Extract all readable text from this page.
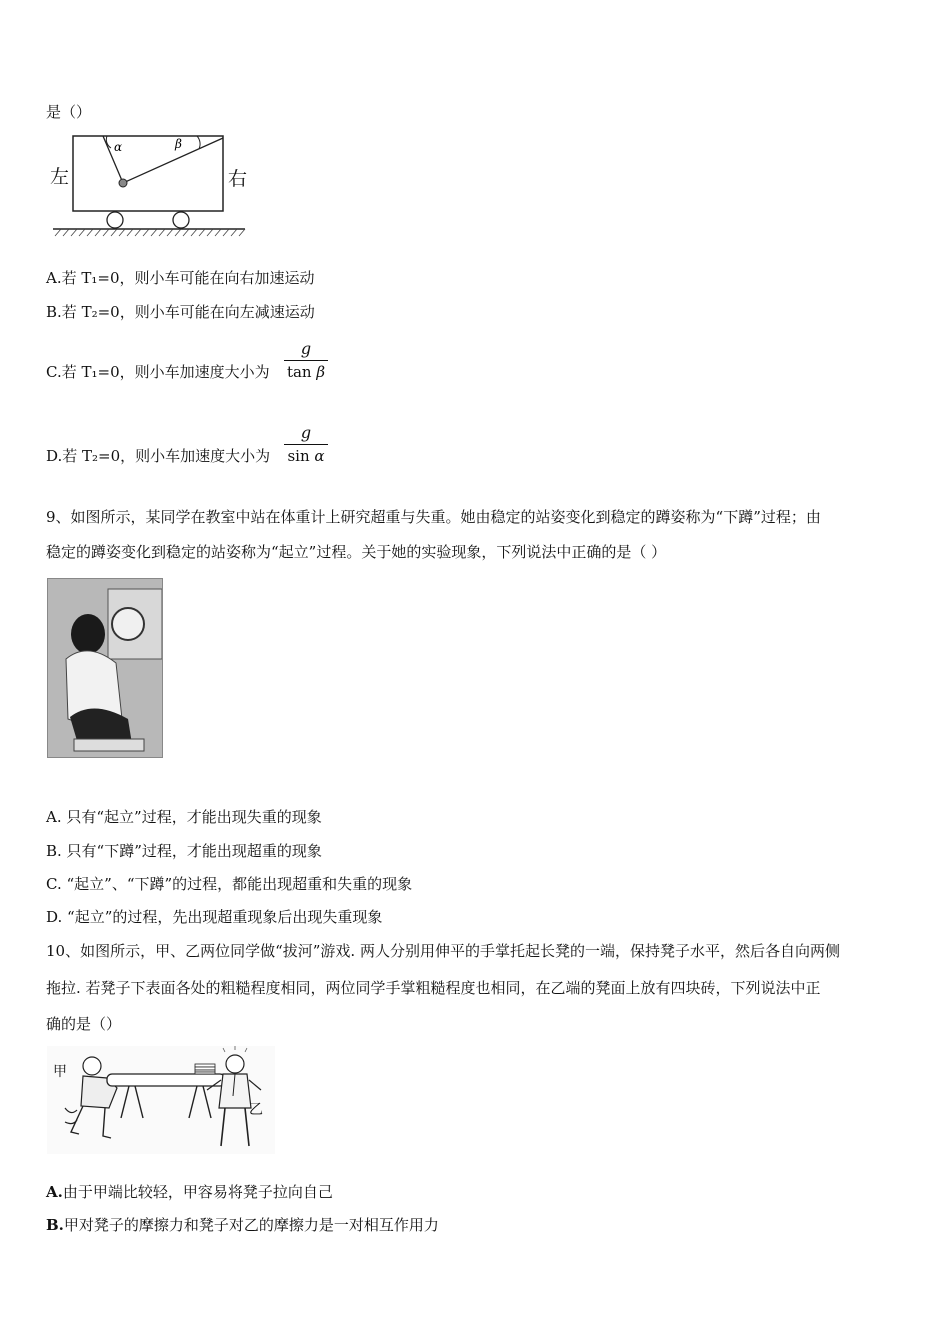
是（）
α	β
左	右
A.若 T₁=0，则小车可能在向右加速运动
B.若 T₂=0，则小车可能在向左减速运动
C.若 T₁=0，则小车加速度大小为
g
tan β
D.若 T₂=0，则小车加速度大小为
g
sin α
9、如图所示，某同学在教室中站在体重计上研究超重与失重。她由稳定的站姿变化到稳定的蹲姿称为“下蹲”过程；由
稳定的蹲姿变化到稳定的站姿称为“起立”过程。关于她的实验现象，下列说法中正确的是（ ）
A. 只有“起立”过程，才能出现失重的现象
B. 只有“下蹲”过程，才能出现超重的现象
C. “起立”、“下蹲”的过程，都能出现超重和失重的现象
D. “起立”的过程，先出现超重现象后出现失重现象
10、如图所示，甲、乙两位同学做“拔河”游戏. 两人分别用伸平的手掌托起长凳的一端，保持凳子水平，然后各自向两侧
拖拉. 若凳子下表面各处的粗糙程度相同，两位同学手掌粗糙程度也相同，在乙端的凳面上放有四块砖，下列说法中正
确的是（）
甲
乙
A.由于甲端比较轻，甲容易将凳子拉向自己
B.甲对凳子的摩擦力和凳子对乙的摩擦力是一对相互作用力
